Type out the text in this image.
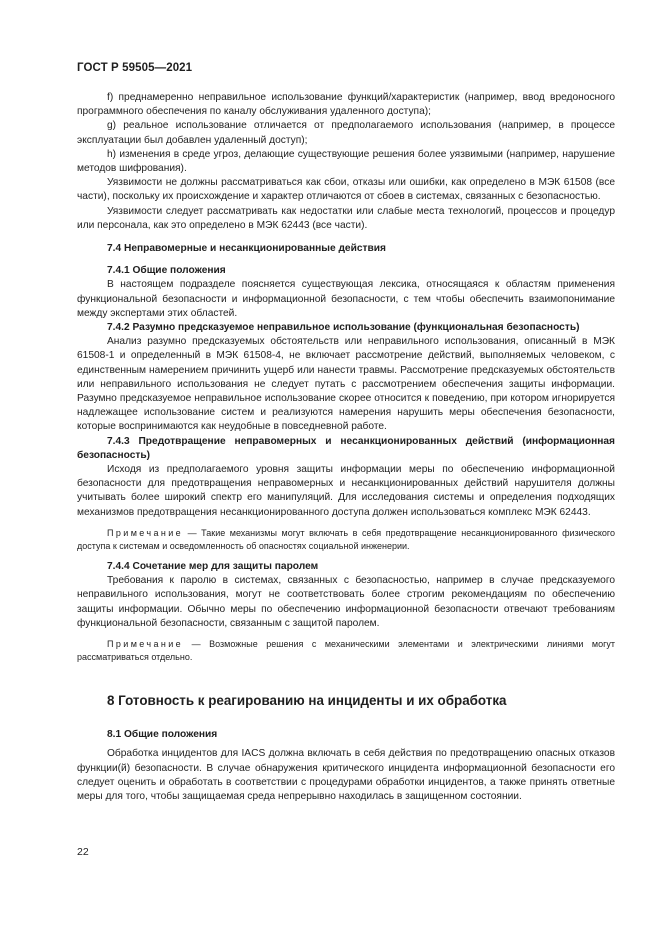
ГОСТ Р 59505—2021

f) преднамеренно неправильное использование функций/характеристик (например, ввод вредоносного программного обеспечения по каналу обслуживания удаленного доступа);

g) реальное использование отличается от предполагаемого использования (например, в процессе эксплуатации был добавлен удаленный доступ);

h) изменения в среде угроз, делающие существующие решения более уязвимыми (например, нарушение методов шифрования).

Уязвимости не должны рассматриваться как сбои, отказы или ошибки, как определено в МЭК 61508 (все части), поскольку их происхождение и характер отличаются от сбоев в системах, связанных с безопасностью.

Уязвимости следует рассматривать как недостатки или слабые места технологий, процессов и процедур или персонала, как это определено в МЭК 62443 (все части).

7.4 Неправомерные и несанкционированные действия

7.4.1 Общие положения

В настоящем подразделе поясняется существующая лексика, относящаяся к областям применения функциональной безопасности и информационной безопасности, с тем чтобы обеспечить взаимопонимание между экспертами этих областей.

7.4.2 Разумно предсказуемое неправильное использование (функциональная безопасность)

Анализ разумно предсказуемых обстоятельств или неправильного использования, описанный в МЭК 61508-1 и определенный в МЭК 61508-4, не включает рассмотрение действий, выполняемых человеком, с единственным намерением причинить ущерб или нанести травмы. Рассмотрение предсказуемых обстоятельств или неправильного использования не следует путать с рассмотрением обеспечения защиты информации. Разумно предсказуемое неправильное использование скорее относится к поведению, при котором игнорируется надлежащее использование систем и реализуются намерения нарушить меры обеспечения безопасности, которые воспринимаются как неудобные в повседневной работе.

7.4.3 Предотвращение неправомерных и несанкционированных действий (информационная безопасность)

Исходя из предполагаемого уровня защиты информации меры по обеспечению информационной безопасности для предотвращения неправомерных и несанкционированных действий нарушителя должны учитывать более широкий спектр его манипуляций. Для исследования системы и определения подходящих механизмов предотвращения несанкционированного доступа должен использоваться комплекс МЭК 62443.

Примечание — Такие механизмы могут включать в себя предотвращение несанкционированного физического доступа к системам и осведомленность об опасностях социальной инженерии.

7.4.4 Сочетание мер для защиты паролем

Требования к паролю в системах, связанных с безопасностью, например в случае предсказуемого неправильного использования, могут не соответствовать более строгим рекомендациям по обеспечению защиты информации. Обычно меры по обеспечению информационной безопасности отвечают требованиям функциональной безопасности, связанным с защитой паролем.

Примечание — Возможные решения с механическими элементами и электрическими линиями могут рассматриваться отдельно.

8 Готовность к реагированию на инциденты и их обработка

8.1 Общие положения

Обработка инцидентов для IACS должна включать в себя действия по предотвращению опасных отказов функции(й) безопасности. В случае обнаружения критического инцидента информационной безопасности его следует оценить и обработать в соответствии с процедурами обработки инцидентов, а также принять ответные меры для того, чтобы защищаемая среда непрерывно находилась в защищенном состоянии.

22
